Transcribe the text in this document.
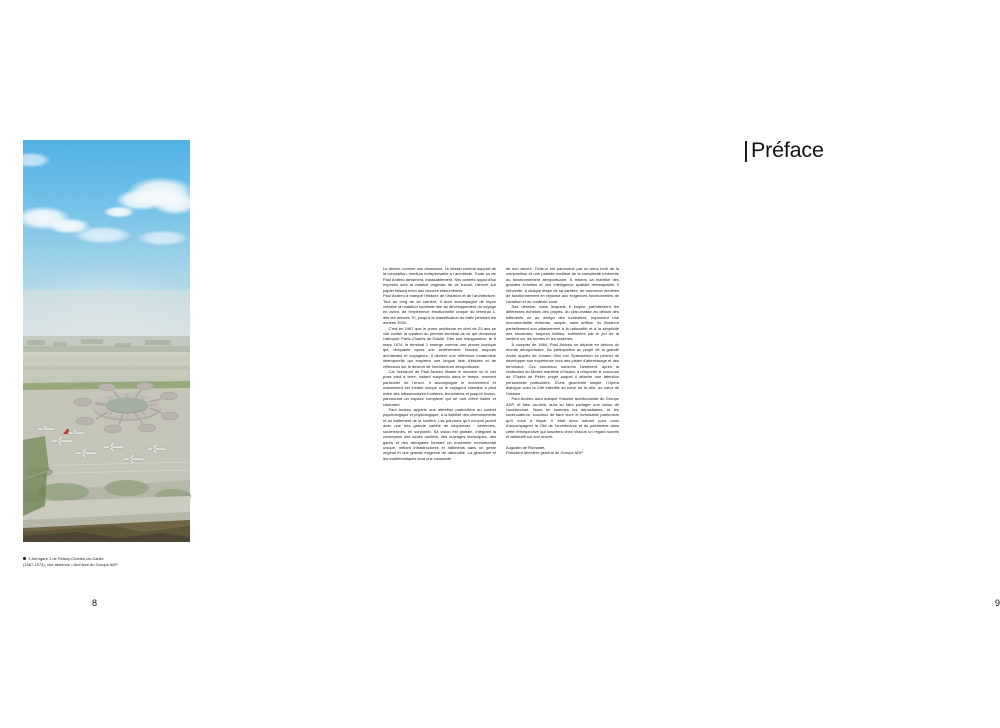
2 Aérogare 1 de Roissy-Charles-de-Gaulle
(1967-1974), vue aérienne • Archives du Groupe ADP
8
Préface
9

Le dessin, comme une obsession. Le dessin comme support de la conception, medium indispensable à l'architecte. Toute sa vie Paul Andreu dessinera, inlassablement. Ses carnets aujourd'hui exposés sont la matrice originale de ce travail, l'œuvre sur papier faisant écho aux œuvres elles-mêmes.

Paul Andreu a marqué l'histoire de l'aviation et de l'architecture. Tout au long de sa carrière, il aura accompagné de façon créative la mutation sociétale liée au développement du voyage en avion, de l'expérience émotionnelle unique du terminal 1, dès les années 70, jusqu'à la massification du trafic pendant les années 2000.

C'est en 1967 que le jeune architecte en chef de 29 ans se voit confier la création du premier terminal de ce qui deviendra l'aéroport Paris-Charles-de-Gaulle. Dès son inauguration, le 8 mars 1974, le terminal 1 émerge comme une œuvre iconique qui, cinquante après son achèvement, fascine toujours architectes et voyageurs. Il devient une référence moderniste intemporelle qui inspirera une longue liste d'études et de réflexions sur le devenir de l'architecture aéroportuaire.

Car l'aéroport de Paul Andreu illustre le moment où le ciel pose pied à terre, instant suspendu dans le temps, moment particulier de l'envol. Il accompagne le mouvement et notamment cet instant unique où le voyageur chemine à pied entre des infrastructures routières, ferroviaires et jusqu'à l'avion, parcourant un espace complexe qui se doit d'être lisible et rassurant.

Paul Andreu apporte une attention particulière au confort psychologique et physiologique, à la lisibilité des cheminements et au traitement de la lumière. Les parcours qu'il conçoit jouent avec une très grande variété de séquences : aériennes, souterraines, en surplomb. Sa vision est globale, intégrant la conception des accès routiers, des ouvrages techniques, des gares et des aérogares formant un ensemble monumental unique, mêlant infrastructures et bâtiments dans un geste original et une grande exigence de rationalité. La géométrie et les mathématiques sont une constante

de son œuvre. Celle-ci est parcourue par un sens inné de la composition et une parfaite maîtrise de la complexité inhérente au fonctionnement aéroportuaire. À travers sa maîtrise des grandes échelles et une intelligence spatiale remarquable, il réinvente, à chaque étape de sa carrière, de nouveaux modèles de fonctionnement en réponse aux exigences fonctionnelles de l'aviation et au contexte local.

Ses dessins, dans lesquels il inspire parfaitement les différentes échelles des projets, du plan-masse au dessin des bâtiments ou au design des luminaires, façonnent une monumentalité évidente, simple, sans artifice. Ils illustrent partiellement son attachement à la rationalité et à la simplicité des structures, toujours lisibles, sublimées par le jeu de la lumière sur les formes et les matières.

À compter de 1984, Paul Andreu se déploie en dehors du monde aéroportuaire. Sa participation au projet de la grande Arche auprès de Johann Otto von Spreckelsen lui permet de développer son expérience hors des pistes d'atterrissage et des terminaux. Ces nouveaux horizons l'amènent, après la réalisation du Musée maritime d'Osaka, à remporter le concours de l'Opéra de Pékin, projet auquel il attache une attention personnelle particulière. D'une géométrie simple, l'Opéra dialogue avec la Cité interdite au cœur de la ville, au cœur de l'histoire.

Paul Andreu aura marqué l'histoire architecturale du Groupe ADP, et bien au-delà, aura su faire partager une vision de l'architecture. Nous en sommes les dépositaires, et les continuateurs, soucieux de faire vivre le formidable patrimoine qu'il nous a légué. Il était donc naturel pour nous d'accompagner la Cité de l'architecture et du patrimoine dans cette rétrospective qui suscitera chez chacun un regard surpris et admiratif sur son œuvre.

Augustin de Romanet,

Président directeur général du Groupe ADP
